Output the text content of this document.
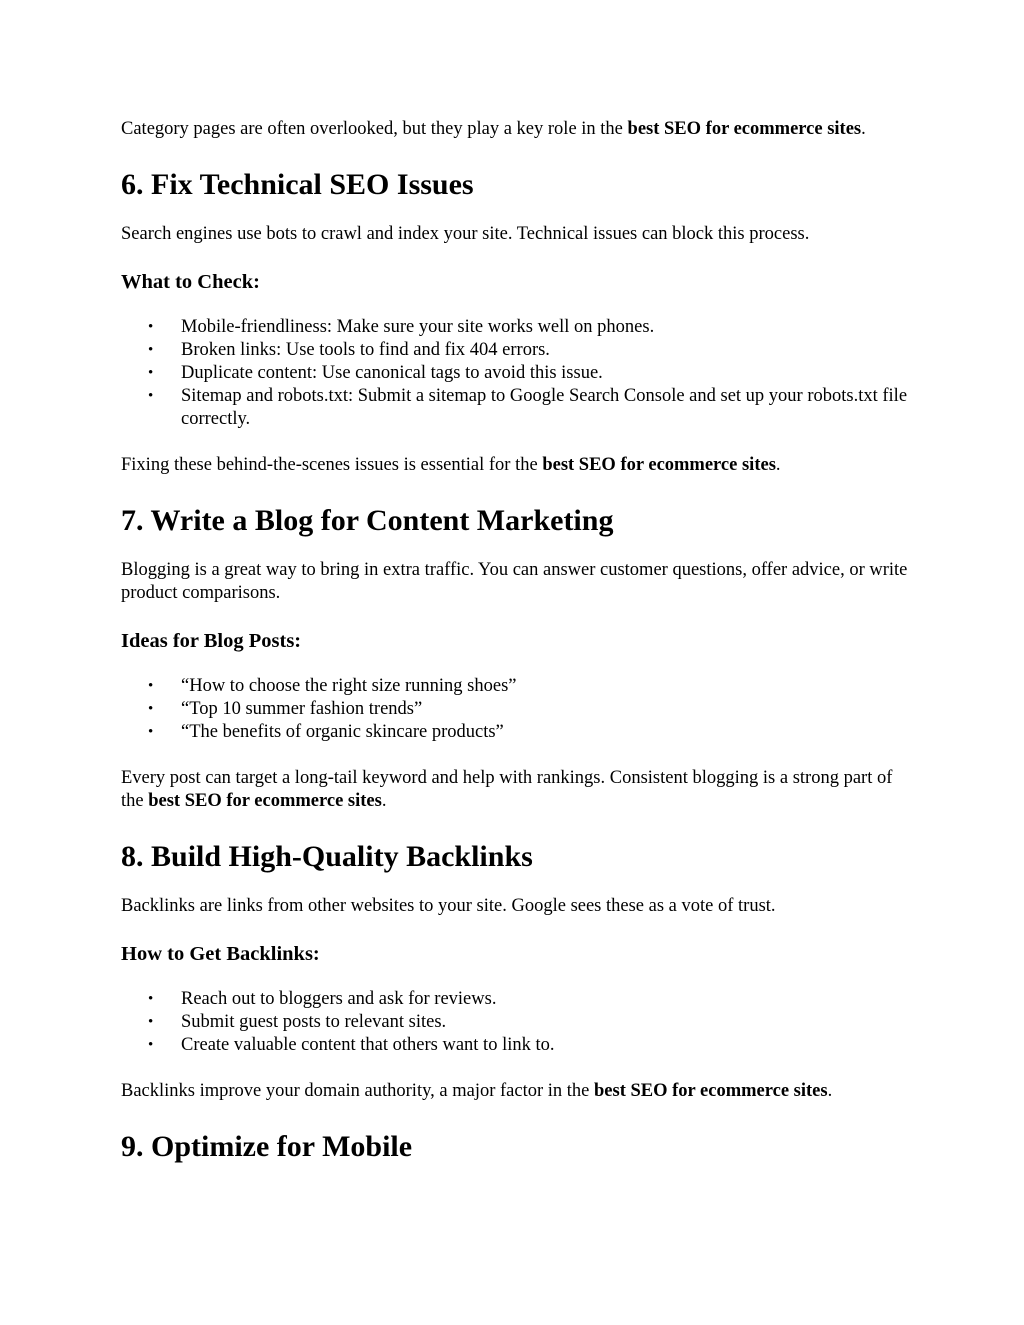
Category pages are often overlooked, but they play a key role in the best SEO for ecommerce sites.

6. Fix Technical SEO Issues

Search engines use bots to crawl and index your site. Technical issues can block this process.

What to Check:
• Mobile-friendliness: Make sure your site works well on phones.
• Broken links: Use tools to find and fix 404 errors.
• Duplicate content: Use canonical tags to avoid this issue.
• Sitemap and robots.txt: Submit a sitemap to Google Search Console and set up your robots.txt file correctly.

Fixing these behind-the-scenes issues is essential for the best SEO for ecommerce sites.

7. Write a Blog for Content Marketing

Blogging is a great way to bring in extra traffic. You can answer customer questions, offer advice, or write product comparisons.

Ideas for Blog Posts:
• “How to choose the right size running shoes”
• “Top 10 summer fashion trends”
• “The benefits of organic skincare products”

Every post can target a long-tail keyword and help with rankings. Consistent blogging is a strong part of the best SEO for ecommerce sites.

8. Build High-Quality Backlinks

Backlinks are links from other websites to your site. Google sees these as a vote of trust.

How to Get Backlinks:
• Reach out to bloggers and ask for reviews.
• Submit guest posts to relevant sites.
• Create valuable content that others want to link to.

Backlinks improve your domain authority, a major factor in the best SEO for ecommerce sites.

9. Optimize for Mobile
